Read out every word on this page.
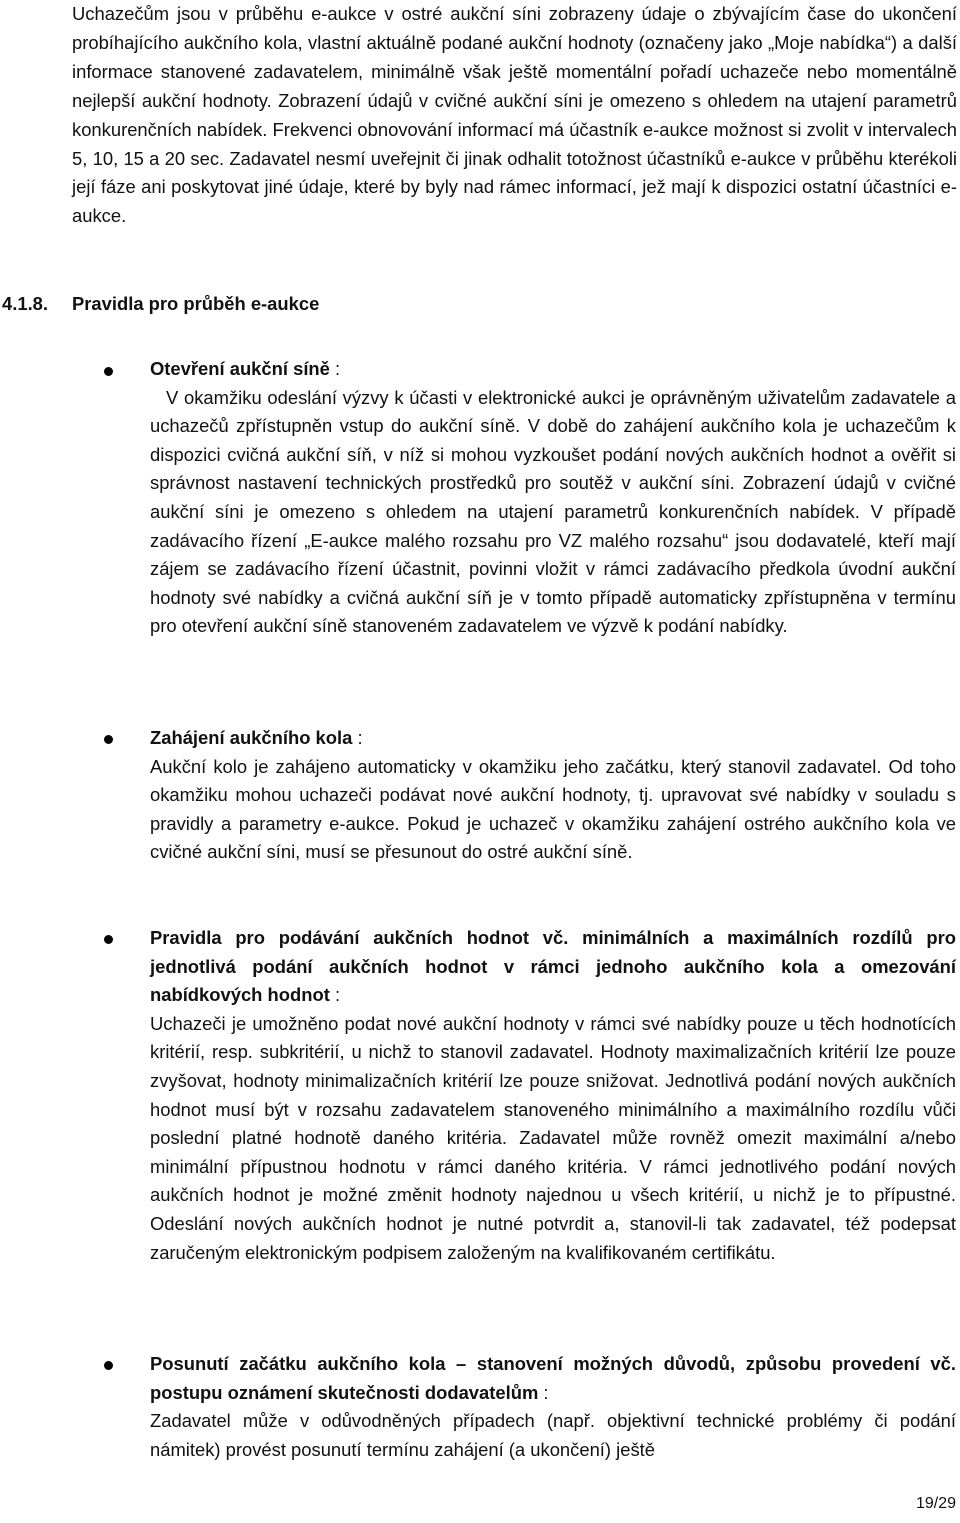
Uchazečům jsou v průběhu e-aukce v ostré aukční síni zobrazeny údaje o zbývajícím čase do ukončení probíhajícího aukčního kola, vlastní aktuálně podané aukční hodnoty (označeny jako „Moje nabídka“) a další informace stanovené zadavatelem, minimálně však ještě momentální pořadí uchazeče nebo momentálně nejlepší aukční hodnoty. Zobrazení údajů v cvičné aukční síni je omezeno s ohledem na utajení parametrů konkurenčních nabídek. Frekvenci obnovování informací má účastník e-aukce možnost si zvolit v intervalech 5, 10, 15 a 20 sec. Zadavatel nesmí uveřejnit či jinak odhalit totožnost účastníků e-aukce v průběhu kterékoli její fáze ani poskytovat jiné údaje, které by byly nad rámec informací, jež mají k dispozici ostatní účastníci e-aukce.

4.1.8. Pravidla pro průběh e-aukce

Otevření aukční síně :
V okamžiku odeslání výzvy k účasti v elektronické aukci je oprávněným uživatelům zadavatele a uchazečů zpřístupněn vstup do aukční síně. V době do zahájení aukčního kola je uchazečům k dispozici cvičná aukční síň, v níž si mohou vyzkoušet podání nových aukčních hodnot a ověřit si správnost nastavení technických prostředků pro soutěž v aukční síni. Zobrazení údajů v cvičné aukční síni je omezeno s ohledem na utajení parametrů konkurenčních nabídek. V případě zadávacího řízení „E-aukce malého rozsahu pro VZ malého rozsahu“ jsou dodavatelé, kteří mají zájem se zadávacího řízení účastnit, povinni vložit v rámci zadávacího předkola úvodní aukční hodnoty své nabídky a cvičná aukční síň je v tomto případě automaticky zpřístupněna v termínu pro otevření aukční síně stanoveném zadavatelem ve výzvě k podání nabídky.

Zahájení aukčního kola :
Aukční kolo je zahájeno automaticky v okamžiku jeho začátku, který stanovil zadavatel. Od toho okamžiku mohou uchazeči podávat nové aukční hodnoty, tj. upravovat své nabídky v souladu s pravidly a parametry e-aukce. Pokud je uchazeč v okamžiku zahájení ostrého aukčního kola ve cvičné aukční síni, musí se přesunout do ostré aukční síně.

Pravidla pro podávání aukčních hodnot vč. minimálních a maximálních rozdílů pro jednotlivá podání aukčních hodnot v rámci jednoho aukčního kola a omezování nabídkových hodnot :
Uchazeči je umožněno podat nové aukční hodnoty v rámci své nabídky pouze u těch hodnotících kritérií, resp. subkritérií, u nichž to stanovil zadavatel. Hodnoty maximalizačních kritérií lze pouze zvyšovat, hodnoty minimalizačních kritérií lze pouze snižovat. Jednotlivá podání nových aukčních hodnot musí být v rozsahu zadavatelem stanoveného minimálního a maximálního rozdílu vůči poslední platné hodnotě daného kritéria. Zadavatel může rovněž omezit maximální a/nebo minimální přípustnou hodnotu v rámci daného kritéria. V rámci jednotlivého podání nových aukčních hodnot je možné změnit hodnoty najednou u všech kritérií, u nichž je to přípustné. Odeslání nových aukčních hodnot je nutné potvrdit a, stanovil-li tak zadavatel, též podepsat zaručeným elektronickým podpisem založeným na kvalifikovaném certifikátu.

Posunutí začátku aukčního kola – stanovení možných důvodů, způsobu provedení vč. postupu oznámení skutečnosti dodavatelům :
Zadavatel může v odůvodněných případech (např. objektivní technické problémy či podání námitek) provést posunutí termínu zahájení (a ukončení) ještě

19/29
